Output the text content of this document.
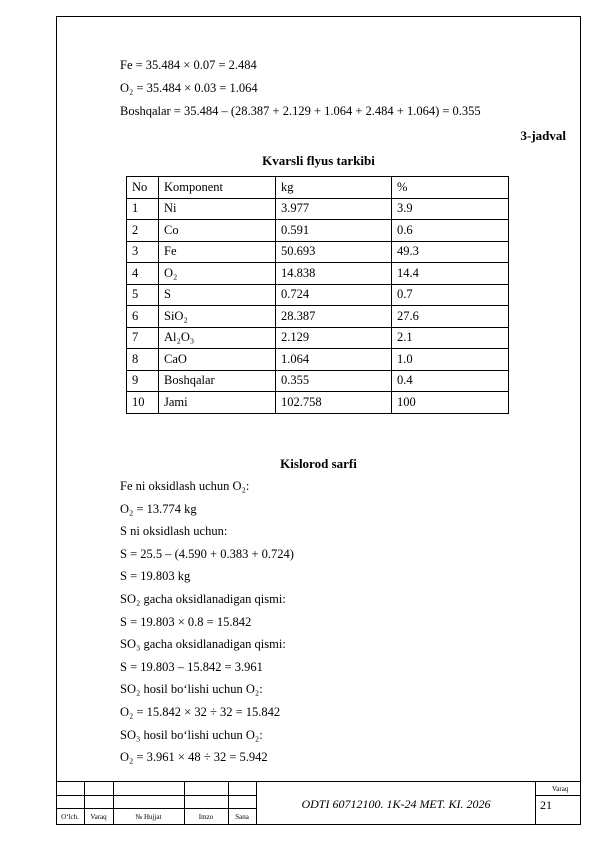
Fe = 35.484 × 0.07 = 2.484
O₂ = 35.484 × 0.03 = 1.064
Boshqalar = 35.484 – (28.387 + 2.129 + 1.064 + 2.484 + 1.064) = 0.355
3-jadval
Kvarsli flyus tarkibi
No	Komponent	kg	%
1	Ni	3.977	3.9
2	Co	0.591	0.6
3	Fe	50.693	49.3
4	O₂	14.838	14.4
5	S	0.724	0.7
6	SiO₂	28.387	27.6
7	Al₂O₃	2.129	2.1
8	CaO	1.064	1.0
9	Boshqalar	0.355	0.4
10	Jami	102.758	100
Kislorod sarfi
Fe ni oksidlash uchun O₂:
O₂ = 13.774 kg
S ni oksidlash uchun:
S = 25.5 – (4.590 + 0.383 + 0.724)
S = 19.803 kg
SO₂ gacha oksidlanadigan qismi:
S = 19.803 × 0.8 = 15.842
SO₃ gacha oksidlanadigan qismi:
S = 19.803 – 15.842 = 3.961
SO₂ hosil bo‘lishi uchun O₂:
O₂ = 15.842 × 32 ÷ 32 = 15.842
SO₃ hosil bo‘lishi uchun O₂:
O₂ = 3.961 × 48 ÷ 32 = 5.942
O‘lch.	Varaq	№ Hujjat	Imzo	Sana
ODTI 60712100. 1K-24 MET. KI. 2026
Varaq
21
